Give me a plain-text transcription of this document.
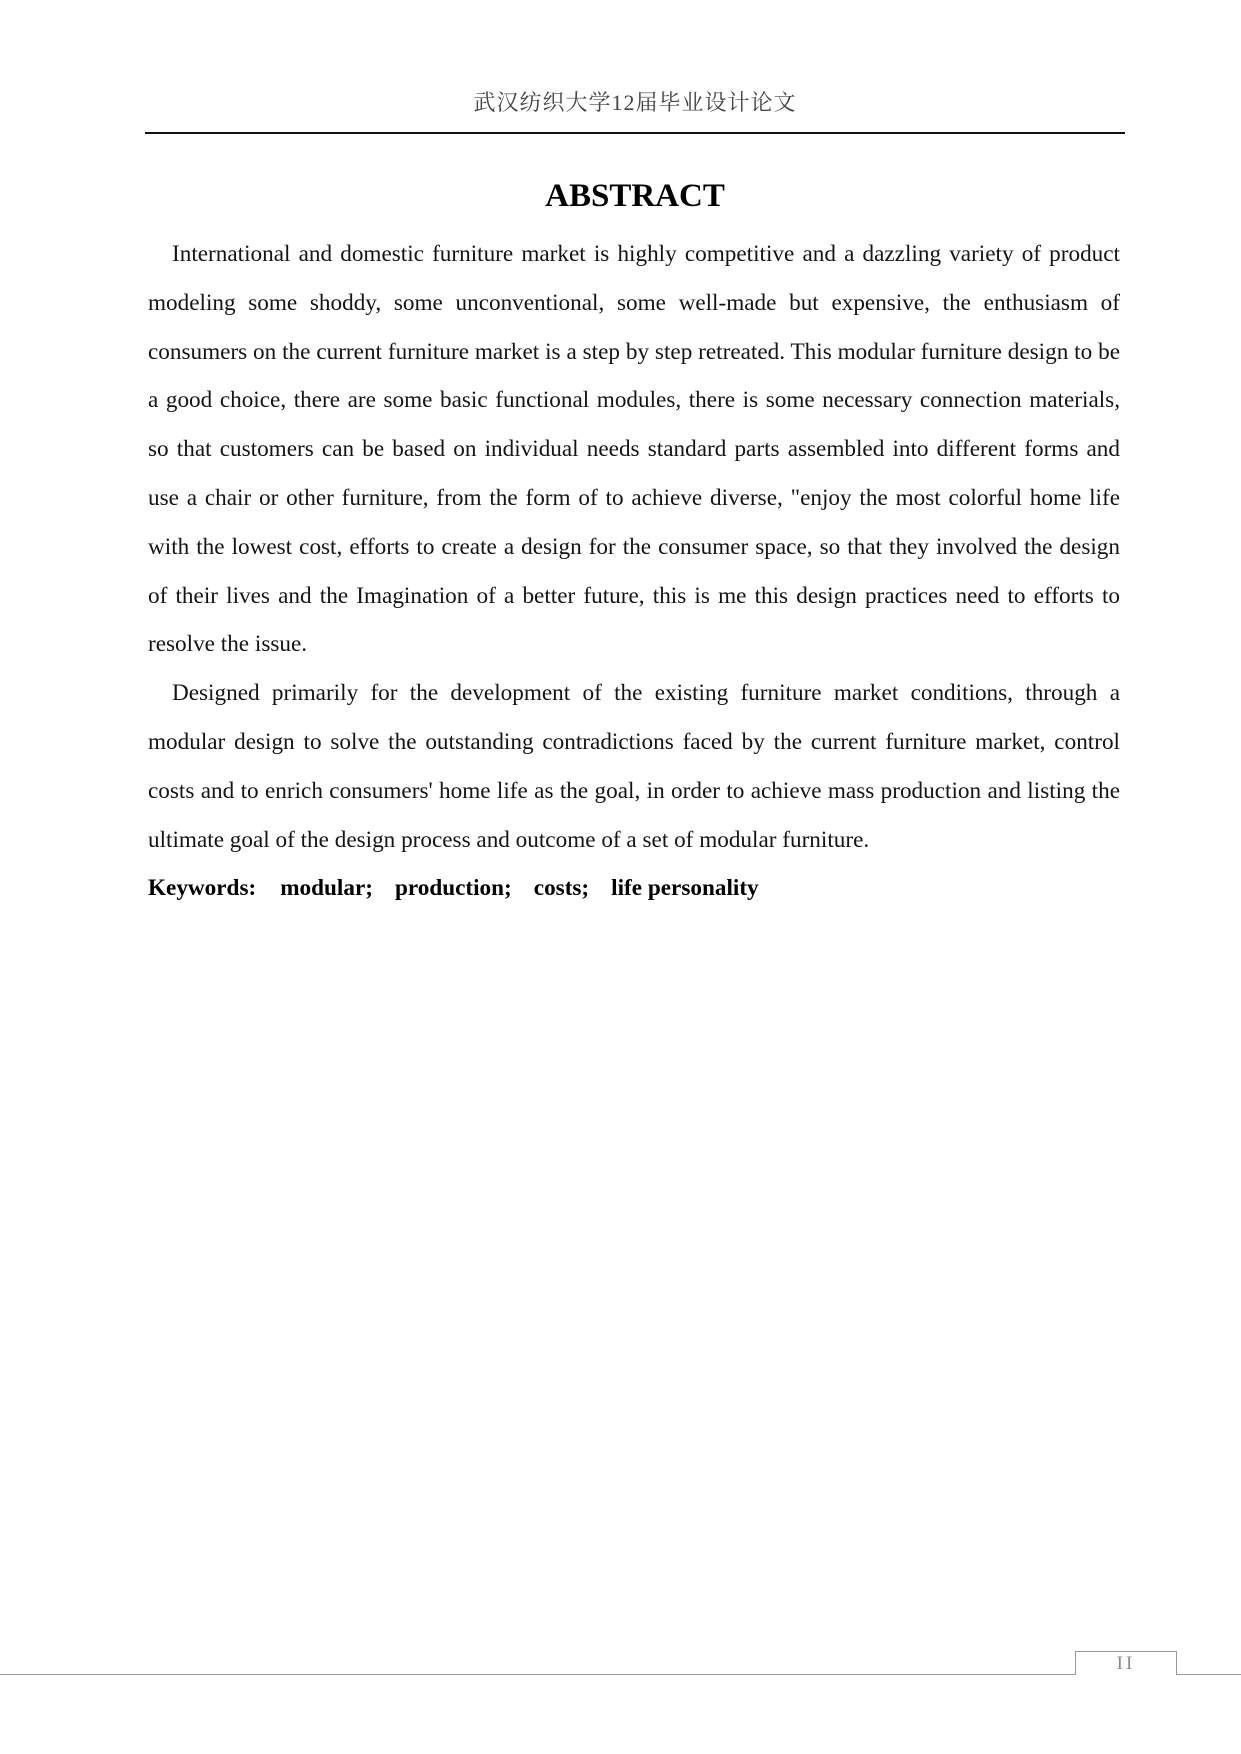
武汉纺织大学12届毕业设计论文
ABSTRACT

International and domestic furniture market is highly competitive and a dazzling variety of product modeling some shoddy, some unconventional, some well-made but expensive, the enthusiasm of consumers on the current furniture market is a step by step retreated. This modular furniture design to be a good choice, there are some basic functional modules, there is some necessary connection materials, so that customers can be based on individual needs standard parts assembled into different forms and use a chair or other furniture, from the form of to achieve diverse, "enjoy the most colorful home life with the lowest cost, efforts to create a design for the consumer space, so that they involved the design of their lives and the Imagination of a better future, this is me this design practices need to efforts to resolve the issue.

Designed primarily for the development of the existing furniture market conditions, through a modular design to solve the outstanding contradictions faced by the current furniture market, control costs and to enrich consumers' home life as the goal, in order to achieve mass production and listing the ultimate goal of the design process and outcome of a set of modular furniture.

Keywords: modular; production; costs; life personality
II
